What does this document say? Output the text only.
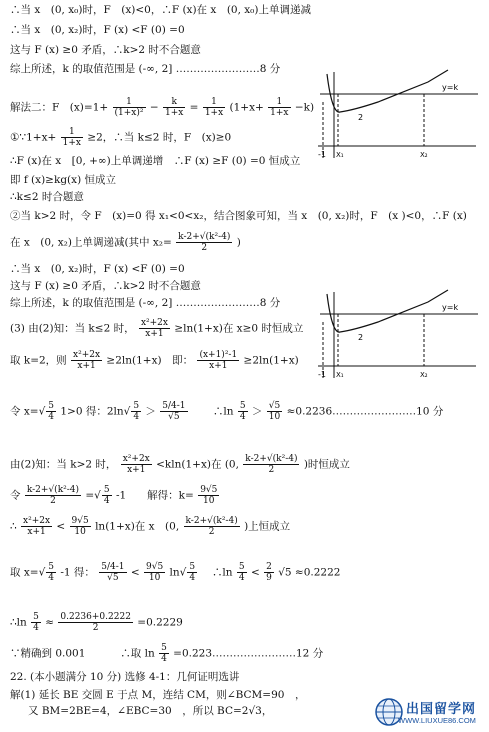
∴当 x　(0, x₀)时，F　(x)<0，∴F (x)在 x　(0, x₀)上单调递减
∴当 x　(0, x₂)时，F (x) <F (0) =0
这与 F (x) ≥0 矛盾，∴k>2 时不合题意
综上所述，k 的取值范围是 (-∞, 2] ……………………8 分
解法二：F　$(x)=1+ \frac{1}{\text{(1+x)²}} - \frac{k}{1+x} = \frac{1}{1+x} (1+x+ \frac{1}{1+x} -k)$
①∵1+x+ $\frac{1}{1+x} \ge 2$，∴当 k≤2 时，F　(x)≥0
∴F (x)在 x　[0, +∞)上单调递增　∴F (x) ≥F (0) =0 恒成立
即 f (x)≥kg(x) 恒成立
∴k≤2 时合题意
②当 k>2 时，令 F　(x)=0 得 x₁<0<x₂，结合图象可知，当 x　(0, x₂)时，F　(x )<0，∴F (x)
在 x　(0, x₂)上单调递减(其中 $x_2= \frac{\text{k-2+√(k²-4)}}{2}$ )
∴当 x　(0, x₂)时，F (x) <F (0) =0
这与 F (x) ≥0 矛盾，∴k>2 时不合题意
综上所述，k 的取值范围是 (-∞, 2] ……………………8 分
(3) 由(2)知：当 k≤2 时， $\frac{\text{x²+2x}}{x+1} \ge\ln(1+x)$在 x≥0 时恒成立
取 k=2，则 $\frac{\text{x²+2x}}{x+1} \ge 2\ln(1+x)$　即： $\frac{\text{(x+1)²-1}}{x+1} \ge 2\ln(1+x)$
令 $x=√ \frac{5}{4} 1>0$ 得：$2\ln√ \frac{5}{4} > \frac{5/4-1}{√5}$
　　 ∴ln $\frac{5}{4} > \frac{√5}{10}$ ≈0.2236……………………10 分
由(2)知：当 k>2 时， $\frac{\text{x²+2x}}{x+1} <kln(1+x)$在 (0, $\frac{\text{k-2+√(k²-4)}}{2}$ )时恒成立
令 $\frac{\text{k-2+√(k²-4)}}{2}$ =√ $\frac{5}{4} -1$　　解得：$k= \frac{9√5}{10}$
∴ $\frac{\text{x²+2x}}{x+1} < \frac{9√5}{10} \ln(1+x)$在 x　(0, $\frac{\text{k-2+√(k²-4)}}{2}$ )上恒成立
取 $x=√ \frac{5}{4} -1$ 得： $\frac{5/4-1}{√5} < \frac{9√5}{10} \ln√ \frac{5}{4}$
　 ∴ln $\frac{5}{4} < \frac{2}{9} √5 \approx 0.2222$
∴ln $\frac{5}{4} \approx \frac{0.2236+0.2222}{2} =0.2229$
∵精确到 0.001　　　	∴取 $\ln \frac{5}{4}$ =0.223……………………12 分
22. (本小题满分 10 分) 选修 4-1：几何证明选讲
解(1) 延长 BE 交圆 E 于点 M，连结 CM，则∠BCM=90　，
又 BM=2BE=4，∠EBC=30　，所以 BC=2√3，
y=k
-1 X₁	X₂
2
y=k
-1 X₁	X₂
2
出国留学网
WWW.LIUXUE86.COM
